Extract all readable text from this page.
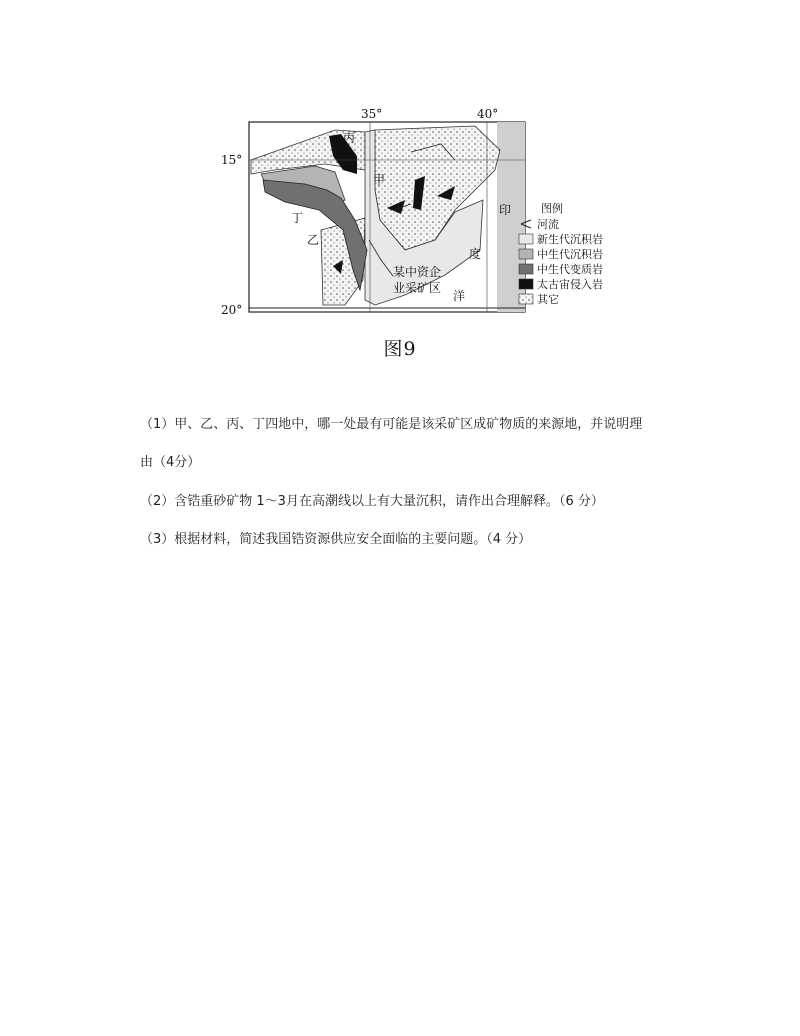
35°	40°
15°
20°
丙
甲
丁
乙
某中资企
业采矿区
印
度
洋
图例
河流
新生代沉积岩
中生代沉积岩
中生代变质岩
太古宙侵入岩
其它
图9
（1）甲、乙、丙、丁四地中，哪一处最有可能是该采矿区成矿物质的来源地，并说明理
由（4分）
（2）含锆重砂矿物 1～3月在高潮线以上有大量沉积，请作出合理解释。（6 分）
（3）根据材料，简述我国锆资源供应安全面临的主要问题。（4 分）
